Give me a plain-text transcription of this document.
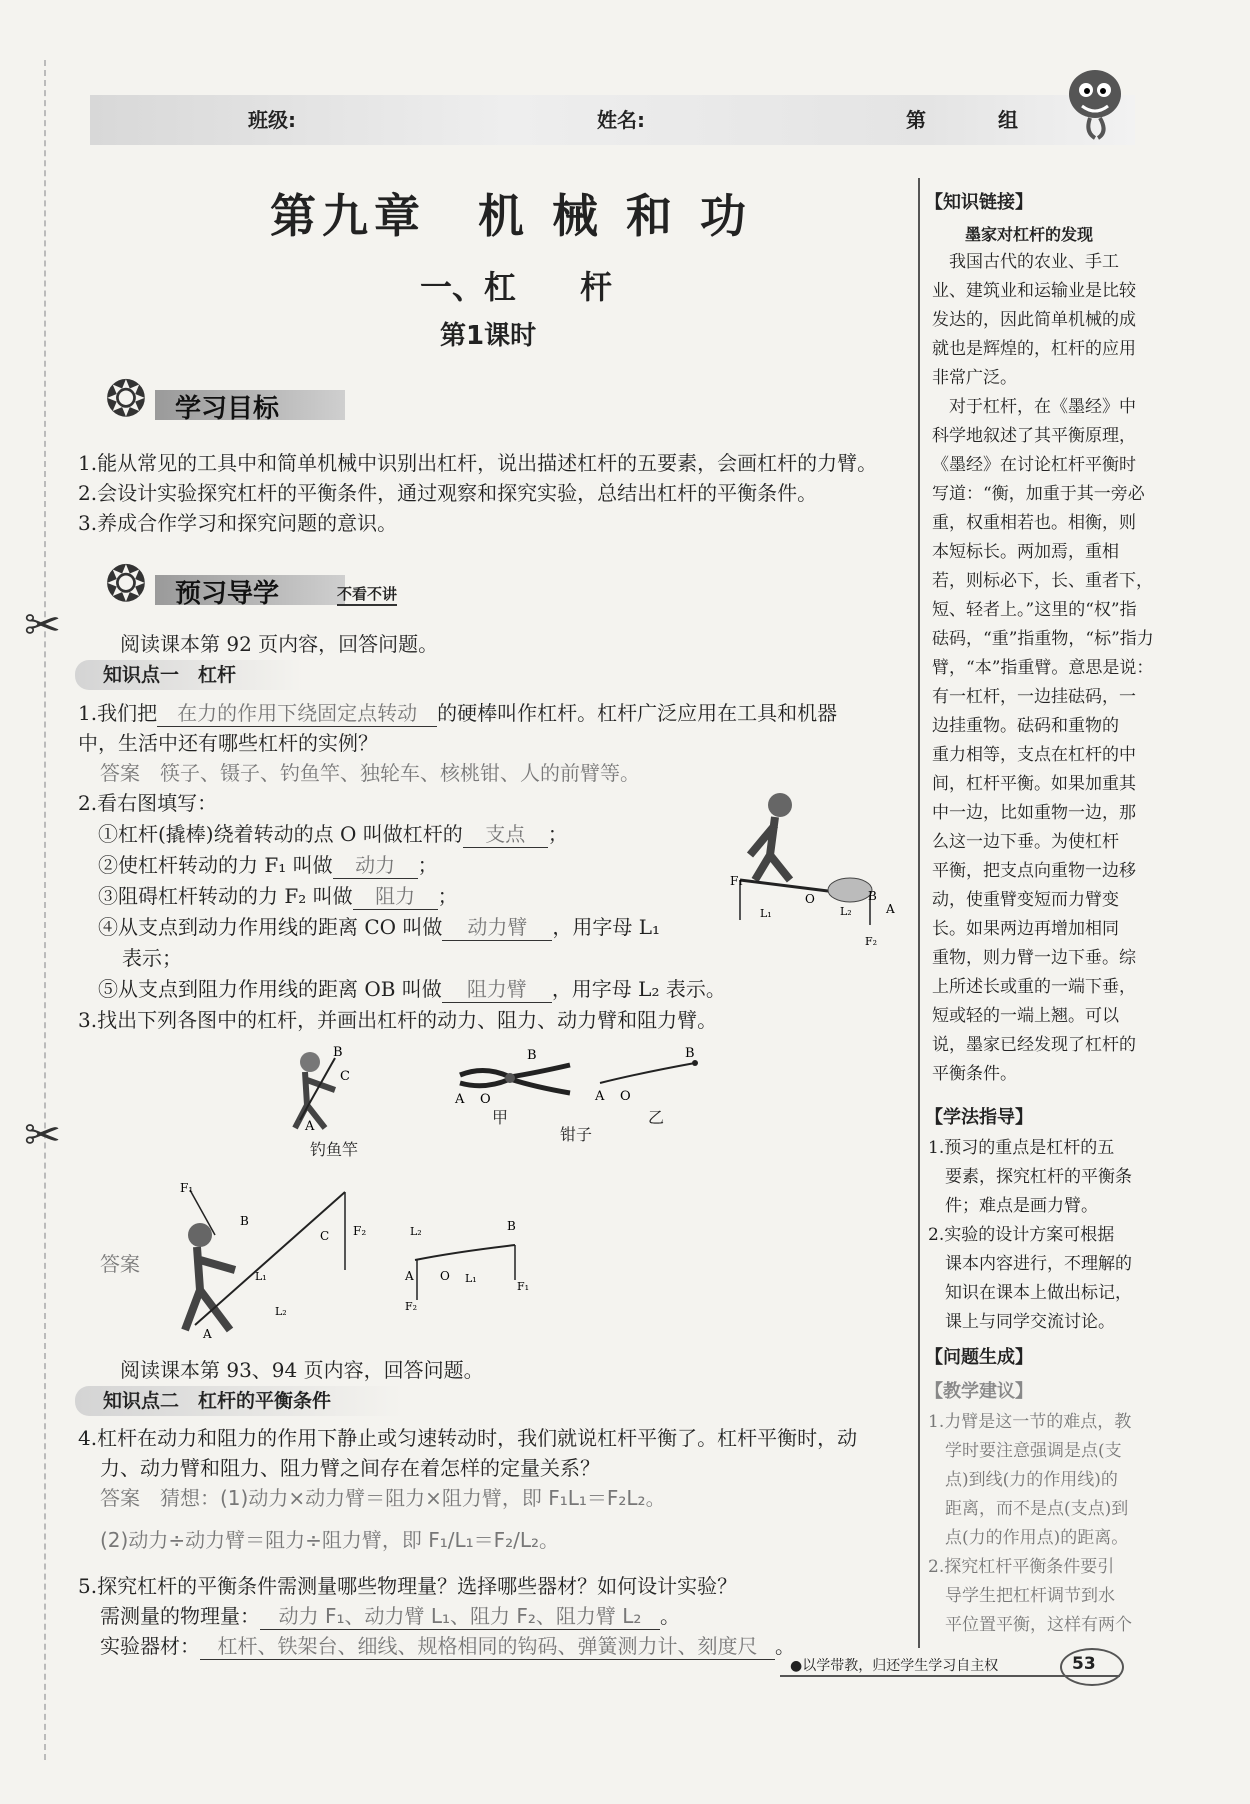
✂
✂
班级:	姓名:	第	组
第九章　机 械 和 功
一、杠　　杆
第1课时
❂ 学习目标
1.能从常见的工具中和简单机械中识别出杠杆，说出描述杠杆的五要素，会画杠杆的力臂。
2.会设计实验探究杠杆的平衡条件，通过观察和探究实验，总结出杠杆的平衡条件。
3.养成合作学习和探究问题的意识。
❂ 预习导学	不看不讲
阅读课本第 92 页内容，回答问题。
知识点一　杠杆
1.我们把 在力的作用下绕固定点转动 的硬棒叫作杠杆。杠杆广泛应用在工具和机器
中，生活中还有哪些杠杆的实例？
答案　 筷子、镊子、钓鱼竿、独轮车、核桃钳、人的前臂等。
2.看右图填写：
①杠杆(撬棒)绕着转动的点 O 叫做杠杆的 支点 ；
②使杠杆转动的力 F₁ 叫做 动力 ；
③阻碍杠杆转动的力 F₂ 叫做 阻力 ；
④从支点到动力作用线的距离 CO 叫做 动力臂 ，用字母 L₁
表示；
⑤从支点到阻力作用线的距离 OB 叫做 阻力臂 ，用字母 L₂ 表示。
F₁
B
O
L₁	L₂
F₂
A
3.找出下列各图中的杠杆，并画出杠杆的动力、阻力、动力臂和阻力臂。
B
C
A
钓鱼竿
B
A O
甲
钳子
B
A O
乙
答案
F₁
B
C F₂
L₂
L₁
A
L₂	B
A O L₁
F₁
F₂
阅读课本第 93、94 页内容，回答问题。
知识点二　杠杆的平衡条件
4.杠杆在动力和阻力的作用下静止或匀速转动时，我们就说杠杆平衡了。杠杆平衡时，动
力、动力臂和阻力、阻力臂之间存在着怎样的定量关系？
答案　 猜想：(1)动力×动力臂＝阻力×阻力臂，即 F₁L₁＝F₂L₂。
(2)动力÷动力臂＝阻力÷阻力臂，即 F₁/L₁＝F₂/L₂。
5.探究杠杆的平衡条件需测量哪些物理量？选择哪些器材？如何设计实验？
需测量的物理量： 动力 F₁、动力臂 L₁、阻力 F₂、阻力臂 L₂ 。
实验器材： 杠杆、铁架台、细线、规格相同的钩码、弹簧测力计、刻度尺 。
【知识链接】
墨家对杠杆的发现
　我国古代的农业、手工
业、建筑业和运输业是比较
发达的，因此简单机械的成
就也是辉煌的，杠杆的应用
非常广泛。
　对于杠杆，在《墨经》中
科学地叙述了其平衡原理，
《墨经》在讨论杠杆平衡时
写道：“衡，加重于其一旁必
重，权重相若也。相衡，则
本短标长。两加焉，重相
若，则标必下，长、重者下，
短、轻者上。”这里的“权”指
砝码，“重”指重物，“标”指力
臂，“本”指重臂。意思是说：
有一杠杆，一边挂砝码，一
边挂重物。砝码和重物的
重力相等，支点在杠杆的中
间，杠杆平衡。如果加重其
中一边，比如重物一边，那
么这一边下垂。为使杠杆
平衡，把支点向重物一边移
动，使重臂变短而力臂变
长。如果两边再增加相同
重物，则力臂一边下垂。综
上所述长或重的一端下垂，
短或轻的一端上翘。可以
说，墨家已经发现了杠杆的
平衡条件。
【学法指导】
1.预习的重点是杠杆的五
　要素，探究杠杆的平衡条
　件；难点是画力臂。
2.实验的设计方案可根据
　课本内容进行，不理解的
　知识在课本上做出标记，
　课上与同学交流讨论。
【问题生成】
【教学建议】
1.力臂是这一节的难点，教
　学时要注意强调是点(支
　点)到线(力的作用线)的
　距离，而不是点(支点)到
　点(力的作用点)的距离。
2.探究杠杆平衡条件要引
　导学生把杠杆调节到水
　平位置平衡，这样有两个
●以学带教，归还学生学习自主权	53
